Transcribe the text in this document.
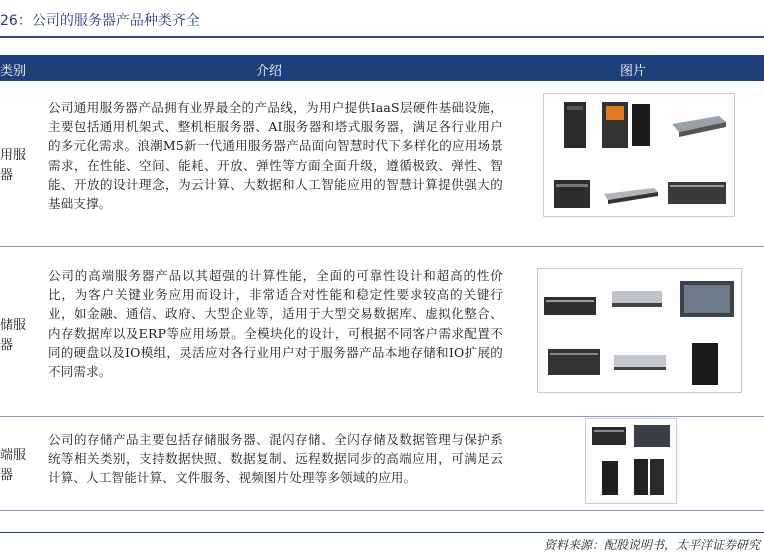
26：公司的服务器产品种类齐全
类别	介绍	图片
用服
器
公司通用服务器产品拥有业界最全的产品线，为用户提供IaaS层硬件基础设施，主要包括通用机架式、整机柜服务器、AI服务器和塔式服务器，满足各行业用户的多元化需求。浪潮M5新一代通用服务器产品面向智慧时代下多样化的应用场景需求，在性能、空间、能耗、开放、弹性等方面全面升级，遵循极致、弹性、智能、开放的设计理念，为云计算、大数据和人工智能应用的智慧计算提供强大的基础支撑。
储服
器
公司的高端服务器产品以其超强的计算性能，全面的可靠性设计和超高的性价比，为客户关键业务应用而设计，非常适合对性能和稳定性要求较高的关键行业，如金融、通信、政府、大型企业等，适用于大型交易数据库、虚拟化整合、内存数据库以及ERP等应用场景。全模块化的设计，可根据不同客户需求配置不同的硬盘以及IO模组，灵活应对各行业用户对于服务器产品本地存储和IO扩展的不同需求。
端服
器
公司的存储产品主要包括存储服务器、混闪存储、全闪存储及数据管理与保护系统等相关类别，支持数据快照、数据复制、远程数据同步的高端应用，可满足云计算、人工智能计算、文件服务、视频图片处理等多领域的应用。
资料来源：配股说明书，太平洋证券研究
